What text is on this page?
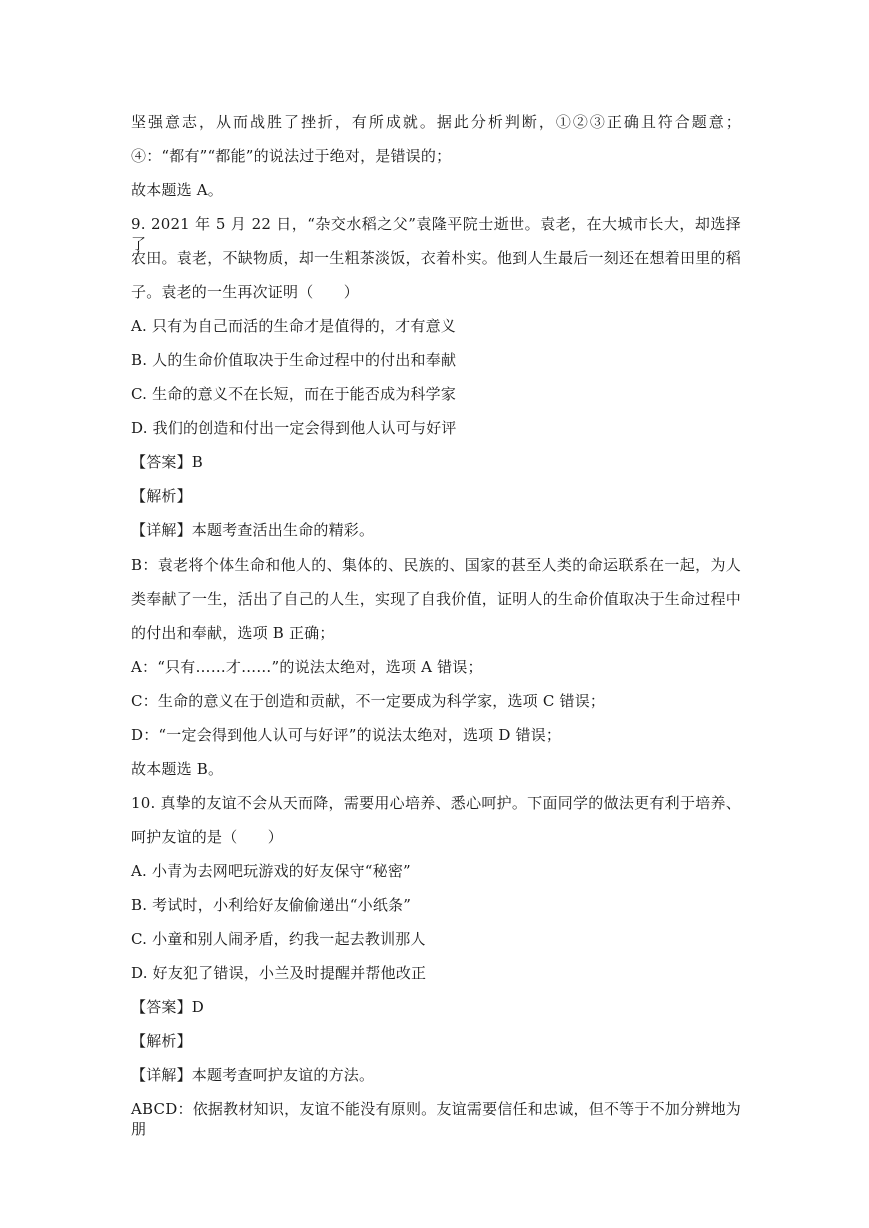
坚强意志，从而战胜了挫折，有所成就。据此分析判断，①②③正确且符合题意；
④：“都有”“都能”的说法过于绝对，是错误的；
故本题选 A。
9. 2021 年 5 月 22 日，“杂交水稻之父”袁隆平院士逝世。袁老，在大城市长大，却选择了
农田。袁老，不缺物质，却一生粗茶淡饭，衣着朴实。他到人生最后一刻还在想着田里的稻
子。袁老的一生再次证明（　　）
A. 只有为自己而活的生命才是值得的，才有意义
B. 人的生命价值取决于生命过程中的付出和奉献
C. 生命的意义不在长短，而在于能否成为科学家
D. 我们的创造和付出一定会得到他人认可与好评
【答案】B
【解析】
【详解】本题考查活出生命的精彩。
B：袁老将个体生命和他人的、集体的、民族的、国家的甚至人类的命运联系在一起，为人
类奉献了一生，活出了自己的人生，实现了自我价值，证明人的生命价值取决于生命过程中
的付出和奉献，选项 B 正确；
A：“只有……才……”的说法太绝对，选项 A 错误；
C：生命的意义在于创造和贡献，不一定要成为科学家，选项 C 错误；
D：“一定会得到他人认可与好评”的说法太绝对，选项 D 错误；
故本题选 B。
10. 真挚的友谊不会从天而降，需要用心培养、悉心呵护。下面同学的做法更有利于培养、
呵护友谊的是（　　）
A. 小青为去网吧玩游戏的好友保守“秘密”
B. 考试时，小利给好友偷偷递出“小纸条”
C. 小童和别人闹矛盾，约我一起去教训那人
D. 好友犯了错误，小兰及时提醒并帮他改正
【答案】D
【解析】
【详解】本题考查呵护友谊的方法。
ABCD：依据教材知识，友谊不能没有原则。友谊需要信任和忠诚，但不等于不加分辨地为朋
